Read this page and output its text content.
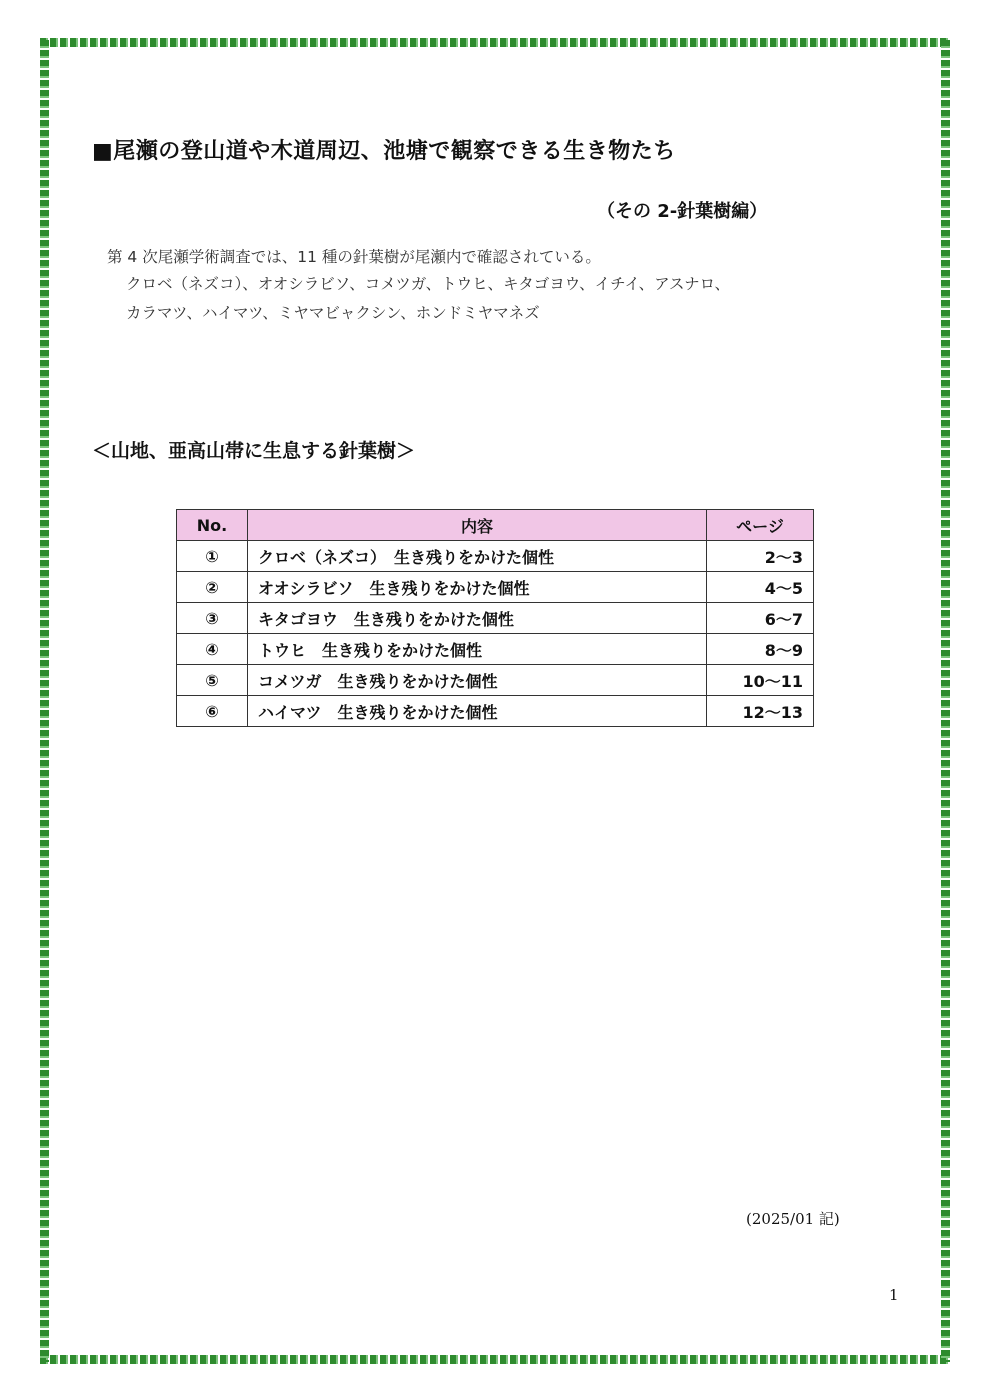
■尾瀬の登山道や木道周辺、池塘で観察できる生き物たち
（その 2-針葉樹編）
第 4 次尾瀬学術調査では、11 種の針葉樹が尾瀬内で確認されている。
クロベ（ネズコ）、オオシラビソ、コメツガ、トウヒ、キタゴヨウ、イチイ、アスナロ、
カラマツ、ハイマツ、ミヤマビャクシン、ホンドミヤマネズ
＜山地、亜高山帯に生息する針葉樹＞
No.	内容	ページ
①	クロベ（ネズコ）　生き残りをかけた個性	2～3
②	オオシラビソ　生き残りをかけた個性	4～5
③	キタゴヨウ　生き残りをかけた個性	6～7
④	トウヒ　生き残りをかけた個性	8～9
⑤	コメツガ　生き残りをかけた個性	10～11
⑥	ハイマツ　生き残りをかけた個性	12～13
(2025/01 記)
1
